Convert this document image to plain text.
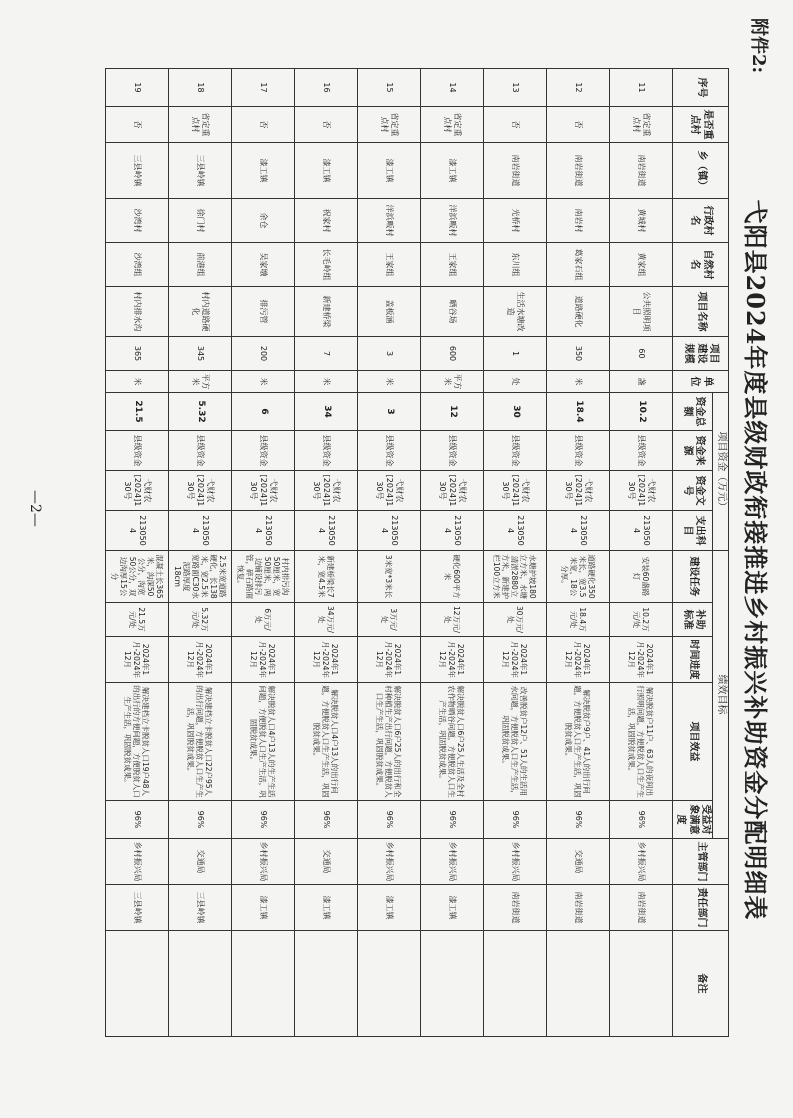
附件2:
弋阳县2024年度县级财政衔接推进乡村振兴补助资金分配明细表
序号	是否重点村	乡（镇）	行政村名	自然村名	项目名称	项目建设规模	单位	项目资金（万元）				绩效目标					主管部门	责任部门	备注
								资金总额	资金来源	资金文号	支出科目	建设任务	补助标准	时间进度	项目效益	受益对象满意度			
11	省定重点村	南岩街道	黄城村	黄家组	公共照明项目	60	盏	10.2	县级资金	弋财农[2024]130号	2130504	安装60盏路灯	10.2万元/处	2024年1月-2024年12月	解决脱贫户11户、63人的夜间出行照明问题，方便脱贫人口生产生活，巩固脱贫成果。	96%	乡村振兴局	南岩街道	
12	否	南岩街道	南岩村	葛家石组	道路硬化	350	米	18.4	县级资金	弋财农[2024]130号	2130504	道路硬化350米长，宽3.5米宽，18公分厚。	18.4万元/处	2024年1月-2024年12月	解决脱贫户9户、41人的出行问题，方便脱贫人口生产生活，巩固脱贫成果。	96%	交通局	南岩街道	
13	否	南岩街道	光桥村	东川组	生活水塘改造	1	处	30	县级资金	弋财农[2024]130号	2130504	水塘护坡180立方米，水塘清淤2880立方米，新建护栏100立方米	30万元/处	2024年1月-2024年12月	改善脱贫户12户、51人的生活用水问题，方便脱贫人口生产生活，巩固脱贫成果。	96%	乡村振兴局	南岩街道	
14	省定重点村	漆工镇	洋浜畈村	王家组	晒谷场	600	平方米	12	县级资金	弋财农[2024]130号	2130504	硬化600平方米	12万元/处	2024年1月-2024年12月	解决脱贫人口6户25人生活及全村农作物晒谷问题，方便脱贫人口生产生活，巩固脱贫成果。	96%	乡村振兴局	漆工镇	
15	省定重点村	漆工镇	洋浜畈村	王家组	盖板涵	3	米	3	县级资金	弋财农[2024]130号	2130504	3米宽*3米长	3万元/处	2024年1月-2024年12月	解决脱贫人口6户25人的出行和全村种植生产出行问题，方便脱贫人口生产生活，巩固脱贫成果。	96%	乡村振兴局	漆工镇	
16	否	漆工镇	祝家村	长毛岭组	新建桥梁	7	米	34	县级资金	弋财农[2024]130号	2130504	新建桥梁长7米，宽4.5米	34万元/处	2024年1月-2024年12月	解决脱贫人口4户13人的出行问题，方便脱贫人口生产生活，巩固脱贫成果。	96%	交通局	漆工镇	
17	否	漆工镇	余仓	吴家墩	排污管	200	米	6	县级资金	弋财农[2024]130号	2130504	村内排污沟50厘米，宽50厘米，两边铺设排污管，碎石路面恢复。	6万元/处	2024年1月-2024年12月	解决脱贫人口4户13人的生产生活问题，方便脱贫人口生产生活，巩固脱贫成果。	96%	乡村振兴局	漆工镇	
18	省定重点村	三县岭镇	徐门村	前港组	村内道路硬化	345	平方米	5.32	县级资金	弋财农[2024]130号	2130504	2.5米宽道路硬化，长138米，宽2.5米宽路面C30水泥路厚度18cm	5.32万元/处	2024年1月-2024年12月	解决建档立卡脱贫人口22户95人的出行问题，方便脱贫人口生产生活，巩固脱贫成果。	96%	交通局	三县岭镇	
19	否	三县岭镇	沙湾村	沙湾组	村内排水沟	365	米	21.5	县级资金	弋财农[2024]130号	2130504	混凝土长365米，沟深50公分，沟宽50公分，双边沟厚15公分	21.5万元/处	2024年1月-2024年12月	解决建档立卡脱贫人口19户48人的出行的方便问题，方便脱贫人口生产生活，巩固脱贫成果。	96%	乡村振兴局	三县岭镇	
—2—
